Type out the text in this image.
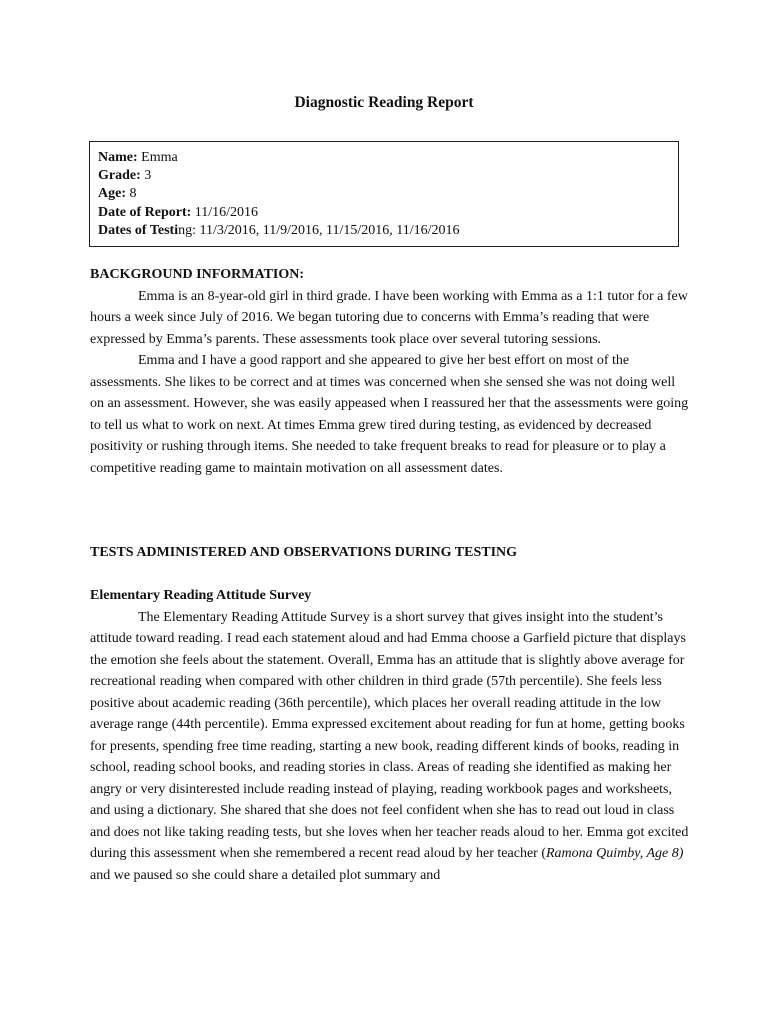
Diagnostic Reading Report
Name: Emma
Grade: 3
Age: 8
Date of Report: 11/16/2016
Dates of Testing: 11/3/2016, 11/9/2016, 11/15/2016, 11/16/2016

BACKGROUND INFORMATION:

Emma is an 8-year-old girl in third grade. I have been working with Emma as a 1:1 tutor for a few hours a week since July of 2016. We began tutoring due to concerns with Emma’s reading that were expressed by Emma’s parents. These assessments took place over several tutoring sessions.

Emma and I have a good rapport and she appeared to give her best effort on most of the assessments. She likes to be correct and at times was concerned when she sensed she was not doing well on an assessment. However, she was easily appeased when I reassured her that the assessments were going to tell us what to work on next. At times Emma grew tired during testing, as evidenced by decreased positivity or rushing through items. She needed to take frequent breaks to read for pleasure or to play a competitive reading game to maintain motivation on all assessment dates.

TESTS ADMINISTERED AND OBSERVATIONS DURING TESTING

Elementary Reading Attitude Survey

The Elementary Reading Attitude Survey is a short survey that gives insight into the student’s attitude toward reading. I read each statement aloud and had Emma choose a Garfield picture that displays the emotion she feels about the statement. Overall, Emma has an attitude that is slightly above average for recreational reading when compared with other children in third grade (57th percentile). She feels less positive about academic reading (36th percentile), which places her overall reading attitude in the low average range (44th percentile). Emma expressed excitement about reading for fun at home, getting books for presents, spending free time reading, starting a new book, reading different kinds of books, reading in school, reading school books, and reading stories in class. Areas of reading she identified as making her angry or very disinterested include reading instead of playing, reading workbook pages and worksheets, and using a dictionary. She shared that she does not feel confident when she has to read out loud in class and does not like taking reading tests, but she loves when her teacher reads aloud to her. Emma got excited during this assessment when she remembered a recent read aloud by her teacher (Ramona Quimby, Age 8) and we paused so she could share a detailed plot summary and
